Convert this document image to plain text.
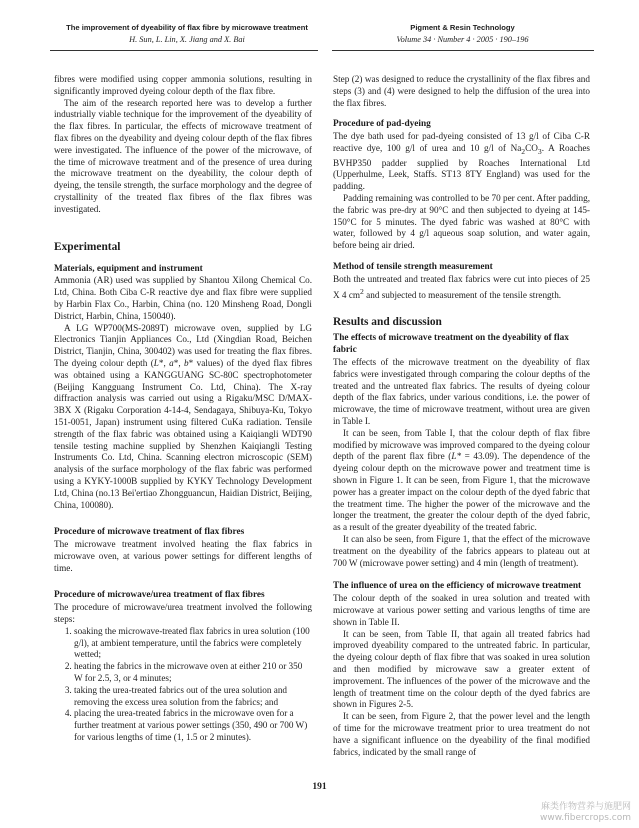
The improvement of dyeability of flax fibre by microwave treatment
H. Sun, L. Lin, X. Jiang and X. Bai
Pigment & Resin Technology
Volume 34 · Number 4 · 2005 · 190–196

fibres were modified using copper ammonia solutions, resulting in significantly improved dyeing colour depth of the flax fibre.

The aim of the research reported here was to develop a further industrially viable technique for the improvement of the dyeability of the flax fibres. In particular, the effects of microwave treatment of flax fibres on the dyeability and dyeing colour depth of the flax fibres were investigated. The influence of the power of the microwave, of the time of microwave treatment and of the presence of urea during the microwave treatment on the dyeability, the colour depth of dyeing, the tensile strength, the surface morphology and the degree of crystallinity of the treated flax fibres of the flax fibres was investigated.

Experimental
Materials, equipment and instrument

Ammonia (AR) used was supplied by Shantou Xilong Chemical Co. Ltd, China. Both Ciba C-R reactive dye and flax fibre were supplied by Harbin Flax Co., Harbin, China (no. 120 Minsheng Road, Dongli District, Harbin, China, 150040).

A LG WP700(MS-2089T) microwave oven, supplied by LG Electronics Tianjin Appliances Co., Ltd (Xingdian Road, Beichen District, Tianjin, China, 300402) was used for treating the flax fibres. The dyeing colour depth (L*, a*, b* values) of the dyed flax fibres was obtained using a KANGGUANG SC-80C spectrophotometer (Beijing Kangguang Instrument Co. Ltd, China). The X-ray diffraction analysis was carried out using a Rigaku/MSC D/MAX-3BX X (Rigaku Corporation 4-14-4, Sendagaya, Shibuya-Ku, Tokyo 151-0051, Japan) instrument using filtered CuKa radiation. Tensile strength of the flax fabric was obtained using a Kaiqiangli WDT90 tensile testing machine supplied by Shenzhen Kaiqiangli Testing Instruments Co. Ltd, China. Scanning electron microscopic (SEM) analysis of the surface morphology of the flax fabric was performed using a KYKY-1000B supplied by KYKY Technology Development Ltd, China (no.13 Bei'ertiao Zhongguancun, Haidian District, Beijing, China, 100080).

Procedure of microwave treatment of flax fibres

The microwave treatment involved heating the flax fabrics in microwave oven, at various power settings for different lengths of time.

Procedure of microwave/urea treatment of flax fibres

The procedure of microwave/urea treatment involved the following steps:

1. soaking the microwave-treated flax fabrics in urea solution (100 g/l), at ambient temperature, until the fabrics were completely wetted;
2. heating the fabrics in the microwave oven at either 210 or 350 W for 2.5, 3, or 4 minutes;
3. taking the urea-treated fabrics out of the urea solution and removing the excess urea solution from the fabrics; and
4. placing the urea-treated fabrics in the microwave oven for a further treatment at various power settings (350, 490 or 700 W) for various lengths of time (1, 1.5 or 2 minutes).

Step (2) was designed to reduce the crystallinity of the flax fibres and steps (3) and (4) were designed to help the diffusion of the urea into the flax fibres.

Procedure of pad-dyeing

The dye bath used for pad-dyeing consisted of 13 g/l of Ciba C-R reactive dye, 100 g/l of urea and 10 g/l of $Na_2CO_3$. A Roaches BVHP350 padder supplied by Roaches International Ltd (Upperhulme, Leek, Staffs. ST13 8TY England) was used for the padding.

Padding remaining was controlled to be 70 per cent. After padding, the fabric was pre-dry at 90°C and then subjected to dyeing at 145-150°C for 5 minutes. The dyed fabric was washed at 80°C with water, followed by 4 g/l aqueous soap solution, and water again, before being air dried.

Method of tensile strength measurement

Both the untreated and treated flax fabrics were cut into pieces of 25 X 4 $cm^2$ and subjected to measurement of the tensile strength.

Results and discussion
The effects of microwave treatment on the dyeability of flax fabric

The effects of the microwave treatment on the dyeability of flax fabrics were investigated through comparing the colour depths of the treated and the untreated flax fabrics. The results of dyeing colour depth of the flax fabrics, under various conditions, i.e. the power of microwave, the time of microwave treatment, without urea are given in Table I.

It can be seen, from Table I, that the colour depth of flax fibre modified by microwave was improved compared to the dyeing colour depth of the parent flax fibre (L* = 43.09). The dependence of the dyeing colour depth on the microwave power and treatment time is shown in Figure 1. It can be seen, from Figure 1, that the microwave power has a greater impact on the colour depth of the dyed fabric that the treatment time. The higher the power of the microwave and the longer the treatment, the greater the colour depth of the dyed fabric, as a result of the greater dyeability of the treated fabric.

It can also be seen, from Figure 1, that the effect of the microwave treatment on the dyeability of the fabrics appears to plateau out at 700 W (microwave power setting) and 4 min (length of treatment).

The influence of urea on the efficiency of microwave treatment

The colour depth of the soaked in urea solution and treated with microwave at various power setting and various lengths of time are shown in Table II.

It can be seen, from Table II, that again all treated fabrics had improved dyeability compared to the untreated fabric. In particular, the dyeing colour depth of flax fibre that was soaked in urea solution and then modified by microwave saw a greater extent of improvement. The influences of the power of the microwave and the length of treatment time on the colour depth of the dyed fabrics are shown in Figures 2-5.

It can be seen, from Figure 2, that the power level and the length of time for the microwave treatment prior to urea treatment do not have a significant influence on the dyeability of the final modified fabrics, indicated by the small range of

191
麻类作物营养与施肥网
www.fibercrops.com
